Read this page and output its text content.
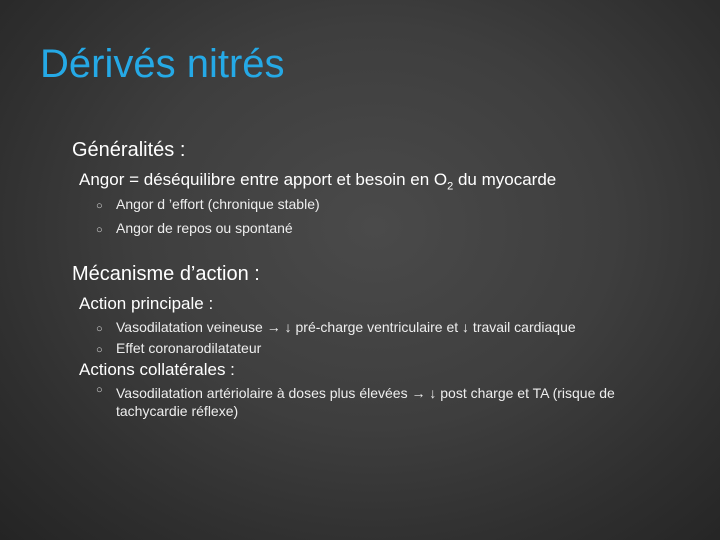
Dérivés nitrés
Généralités :
Angor = déséquilibre entre apport et besoin en $O_2$ du myocarde
○ Angor d ’effort (chronique stable)
○ Angor de repos ou spontané
Mécanisme d’action :
Action principale :
○ Vasodilatation veineuse → ↓ pré-charge ventriculaire et ↓ travail cardiaque
○ Effet coronarodilatateur
Actions collatérales :
○ Vasodilatation artériolaire à doses plus élevées → ↓ post charge et TA (risque de tachycardie réflexe)
